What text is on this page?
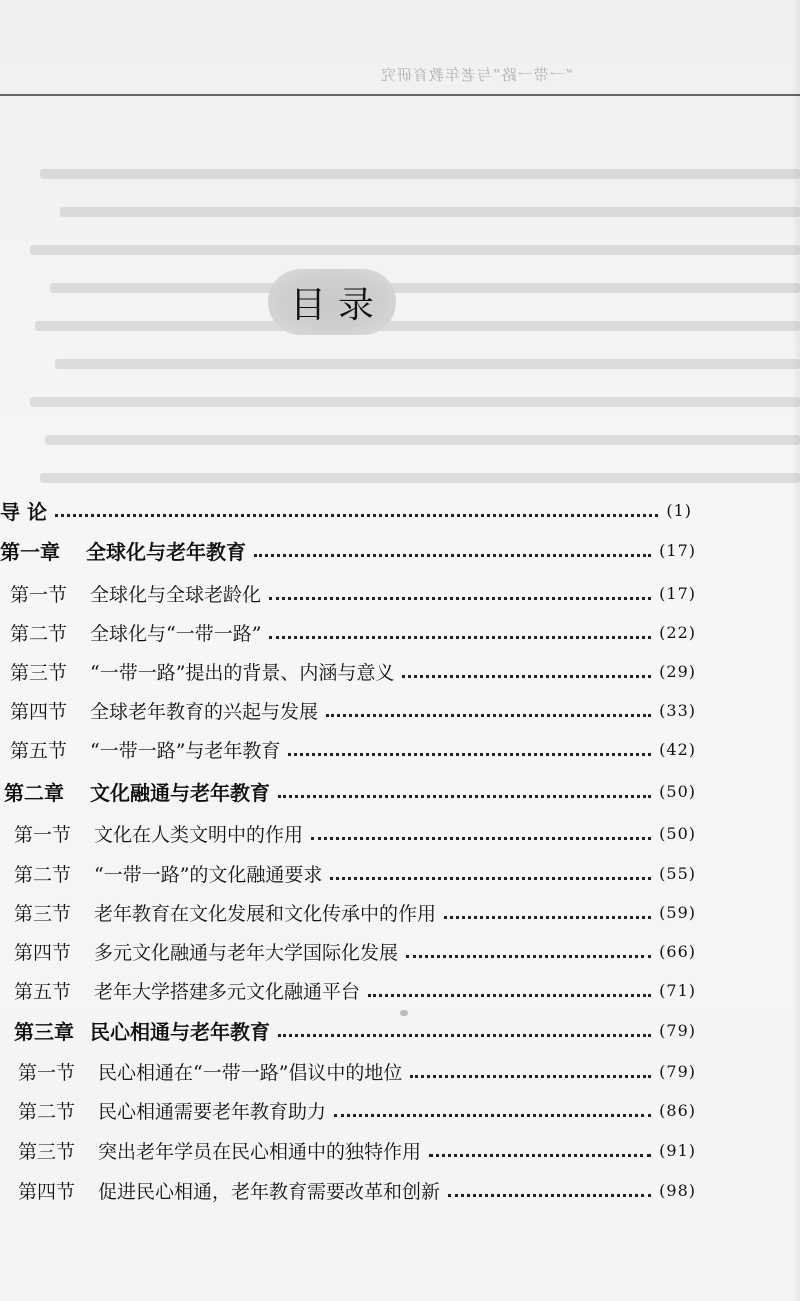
“一带一路”与老年教育研究
目录
导 论	(1)
第一章	全球化与老年教育	(17)
第一节	全球化与全球老龄化	(17)
第二节	全球化与“一带一路”	(22)
第三节	“一带一路”提出的背景、内涵与意义	(29)
第四节	全球老年教育的兴起与发展	(33)
第五节	“一带一路”与老年教育	(42)
第二章	文化融通与老年教育	(50)
第一节	文化在人类文明中的作用	(50)
第二节	“一带一路”的文化融通要求	(55)
第三节	老年教育在文化发展和文化传承中的作用	(59)
第四节	多元文化融通与老年大学国际化发展	(66)
第五节	老年大学搭建多元文化融通平台	(71)
第三章 民心相通与老年教育	(79)
第一节	民心相通在“一带一路”倡议中的地位	(79)
第二节	民心相通需要老年教育助力	(86)
第三节	突出老年学员在民心相通中的独特作用	(91)
第四节	促进民心相通，老年教育需要改革和创新	(98)
